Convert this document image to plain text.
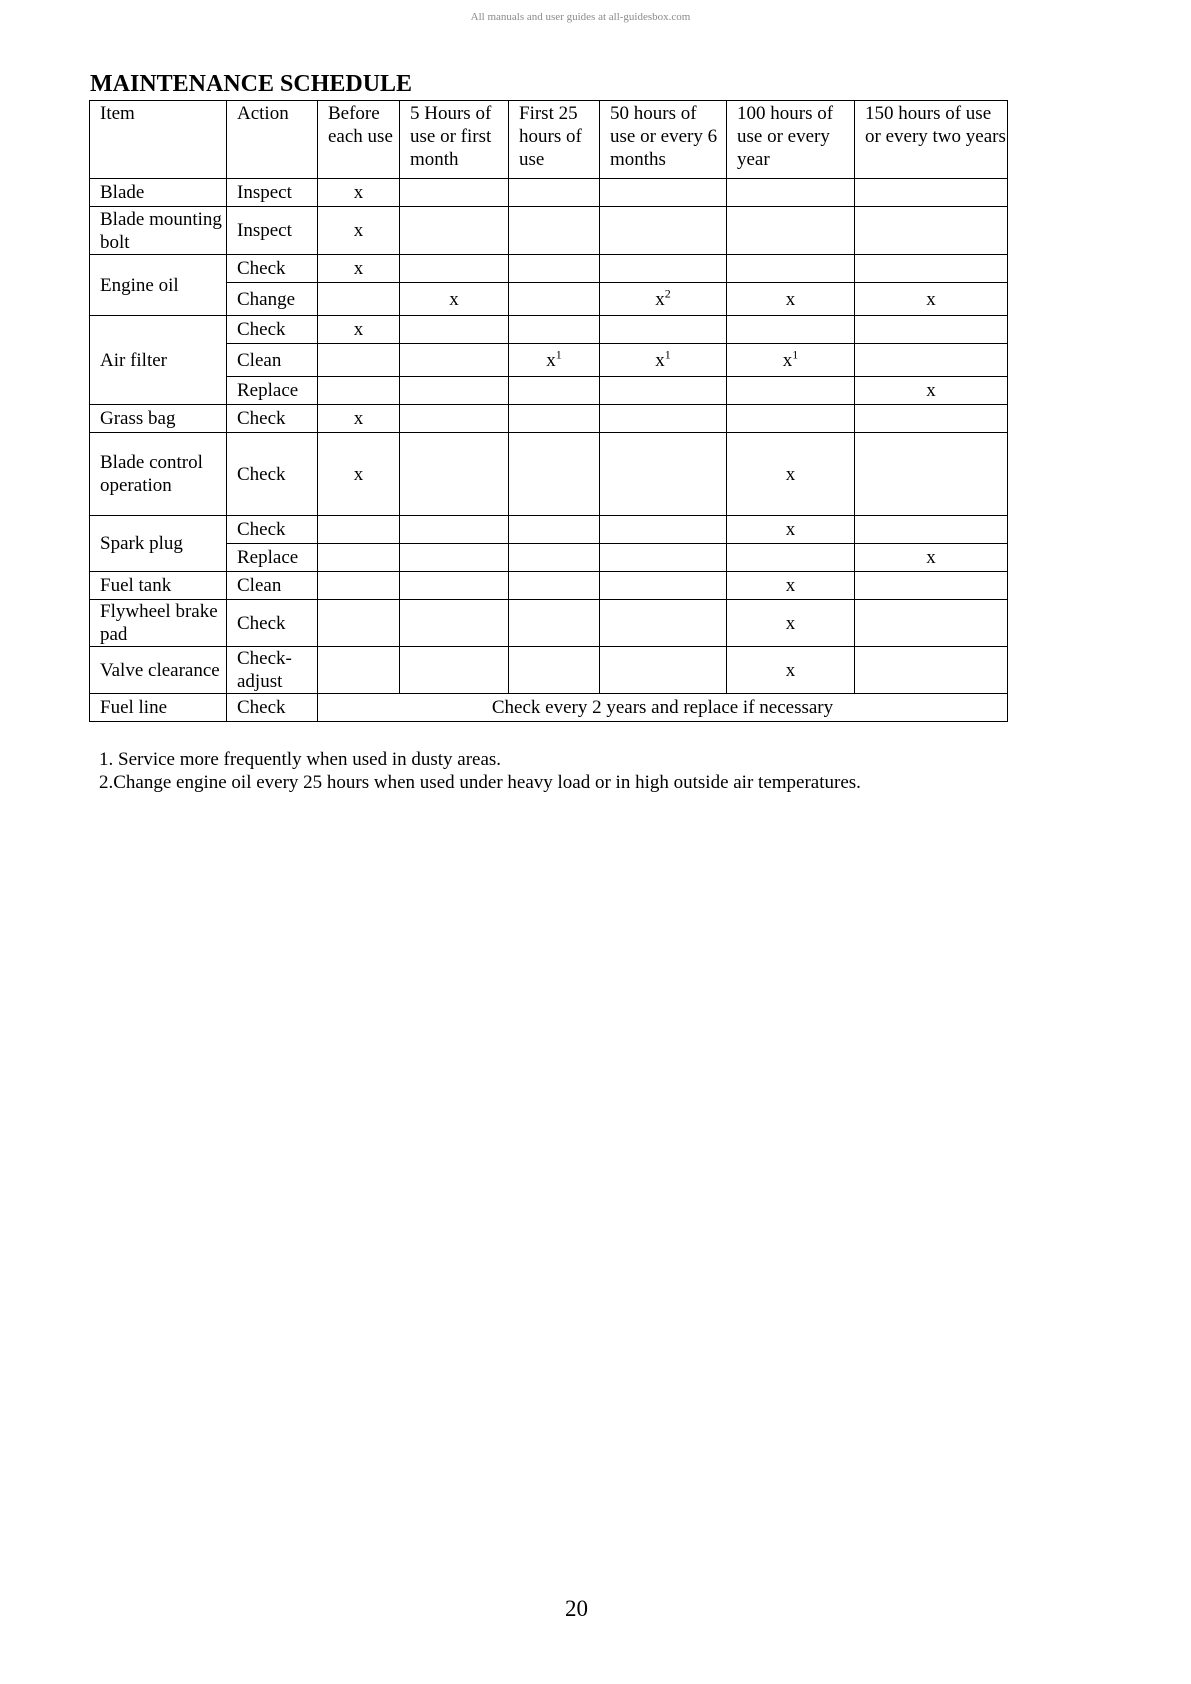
All manuals and user guides at all-guidesbox.com
MAINTENANCE SCHEDULE
Item	Action	Before each use	5 Hours of use or first month	First 25 hours of use	50 hours of use or every 6 months	100 hours of use or every year	150 hours of use or every two years
Blade	Inspect	x					
Blade mounting bolt	Inspect	x					
Engine oil	Check	x					
	Change		x		$x^2$	x	x
Air filter	Check	x					
	Clean			$x^1$	$x^1$	$x^1$	
	Replace						x
Grass bag	Check	x					
Blade control operation	Check	x				x	
Spark plug	Check					x	
	Replace						x
Fuel tank	Clean					x	
Flywheel brake pad	Check					x	
Valve clearance	Check-adjust					x	
Fuel line	Check	Check every 2 years and replace if necessary					

1. Service more frequently when used in dusty areas.

2.Change engine oil every 25 hours when used under heavy load or in high outside air temperatures.

20
